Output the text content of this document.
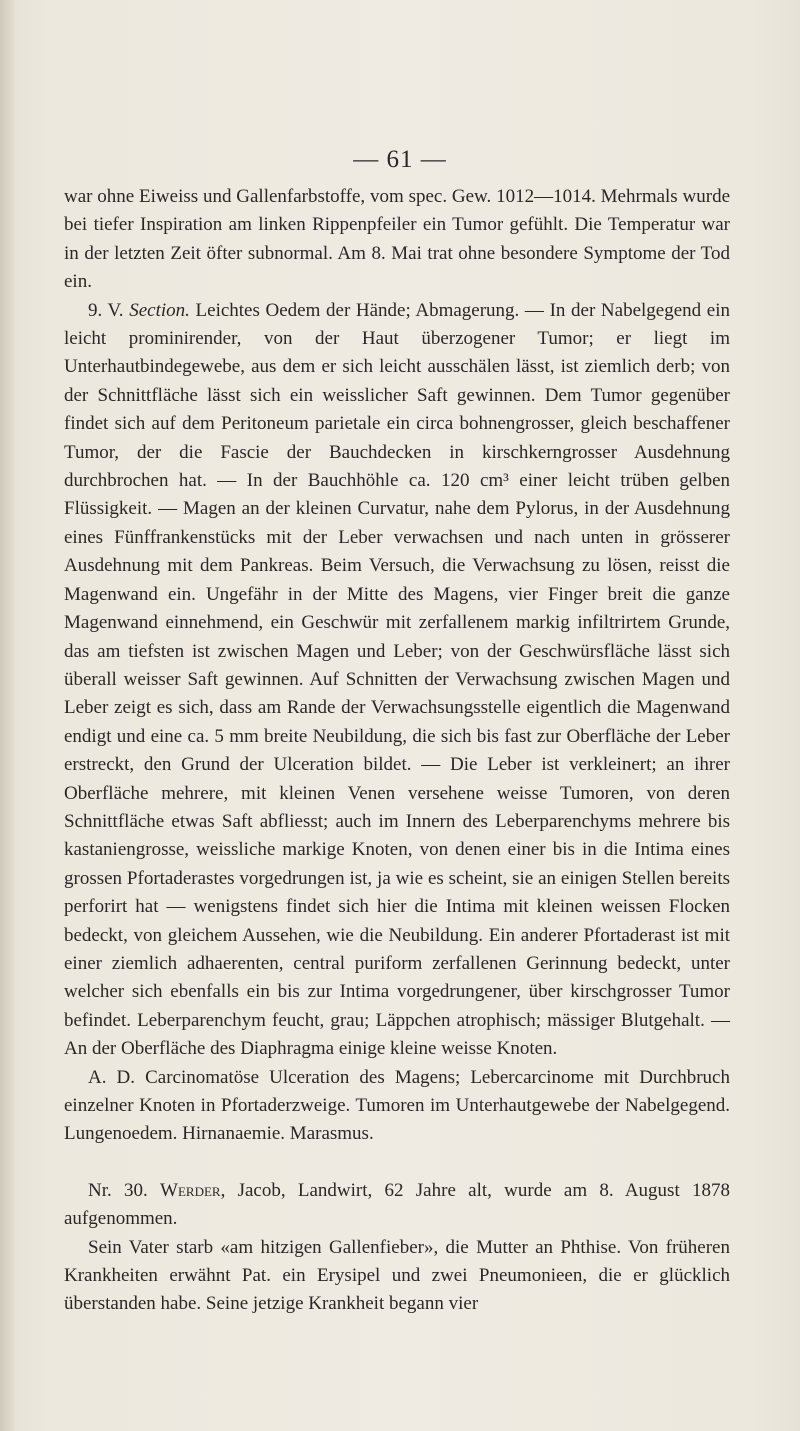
— 61 —

war ohne Eiweiss und Gallenfarbstoffe, vom spec. Gew. 1012—1014. Mehrmals wurde bei tiefer Inspiration am linken Rippenpfeiler ein Tumor gefühlt. Die Temperatur war in der letzten Zeit öfter subnormal. Am 8. Mai trat ohne besondere Symptome der Tod ein.

9. V. Section. Leichtes Oedem der Hände; Abmagerung. — In der Nabelgegend ein leicht prominirender, von der Haut überzogener Tumor; er liegt im Unterhautbindegewebe, aus dem er sich leicht ausschälen lässt, ist ziemlich derb; von der Schnittfläche lässt sich ein weisslicher Saft gewinnen. Dem Tumor gegenüber findet sich auf dem Peritoneum parietale ein circa bohnengrosser, gleich beschaffener Tumor, der die Fascie der Bauchdecken in kirschkerngrosser Ausdehnung durchbrochen hat. — In der Bauchhöhle ca. 120 cm³ einer leicht trüben gelben Flüssigkeit. — Magen an der kleinen Curvatur, nahe dem Pylorus, in der Ausdehnung eines Fünffrankenstücks mit der Leber verwachsen und nach unten in grösserer Ausdehnung mit dem Pankreas. Beim Versuch, die Verwachsung zu lösen, reisst die Magenwand ein. Ungefähr in der Mitte des Magens, vier Finger breit die ganze Magenwand einnehmend, ein Geschwür mit zerfallenem markig infiltrirtem Grunde, das am tiefsten ist zwischen Magen und Leber; von der Geschwürsfläche lässt sich überall weisser Saft gewinnen. Auf Schnitten der Verwachsung zwischen Magen und Leber zeigt es sich, dass am Rande der Verwachsungsstelle eigentlich die Magenwand endigt und eine ca. 5 mm breite Neubildung, die sich bis fast zur Oberfläche der Leber erstreckt, den Grund der Ulceration bildet. — Die Leber ist verkleinert; an ihrer Oberfläche mehrere, mit kleinen Venen versehene weisse Tumoren, von deren Schnittfläche etwas Saft abfliesst; auch im Innern des Leberparenchyms mehrere bis kastaniengrosse, weissliche markige Knoten, von denen einer bis in die Intima eines grossen Pfortaderastes vorgedrungen ist, ja wie es scheint, sie an einigen Stellen bereits perforirt hat — wenigstens findet sich hier die Intima mit kleinen weissen Flocken bedeckt, von gleichem Aussehen, wie die Neubildung. Ein anderer Pfortaderast ist mit einer ziemlich adhaerenten, central puriform zerfallenen Gerinnung bedeckt, unter welcher sich ebenfalls ein bis zur Intima vorgedrungener, über kirschgrosser Tumor befindet. Leberparenchym feucht, grau; Läppchen atrophisch; mässiger Blutgehalt. — An der Oberfläche des Diaphragma einige kleine weisse Knoten.

A. D. Carcinomatöse Ulceration des Magens; Lebercarcinome mit Durchbruch einzelner Knoten in Pfortaderzweige. Tumoren im Unterhautgewebe der Nabelgegend. Lungenoedem. Hirnanaemie. Marasmus.

Nr. 30. Werder, Jacob, Landwirt, 62 Jahre alt, wurde am 8. August 1878 aufgenommen.

Sein Vater starb «am hitzigen Gallenfieber», die Mutter an Phthise. Von früheren Krankheiten erwähnt Pat. ein Erysipel und zwei Pneumonieen, die er glücklich überstanden habe. Seine jetzige Krankheit begann vier
